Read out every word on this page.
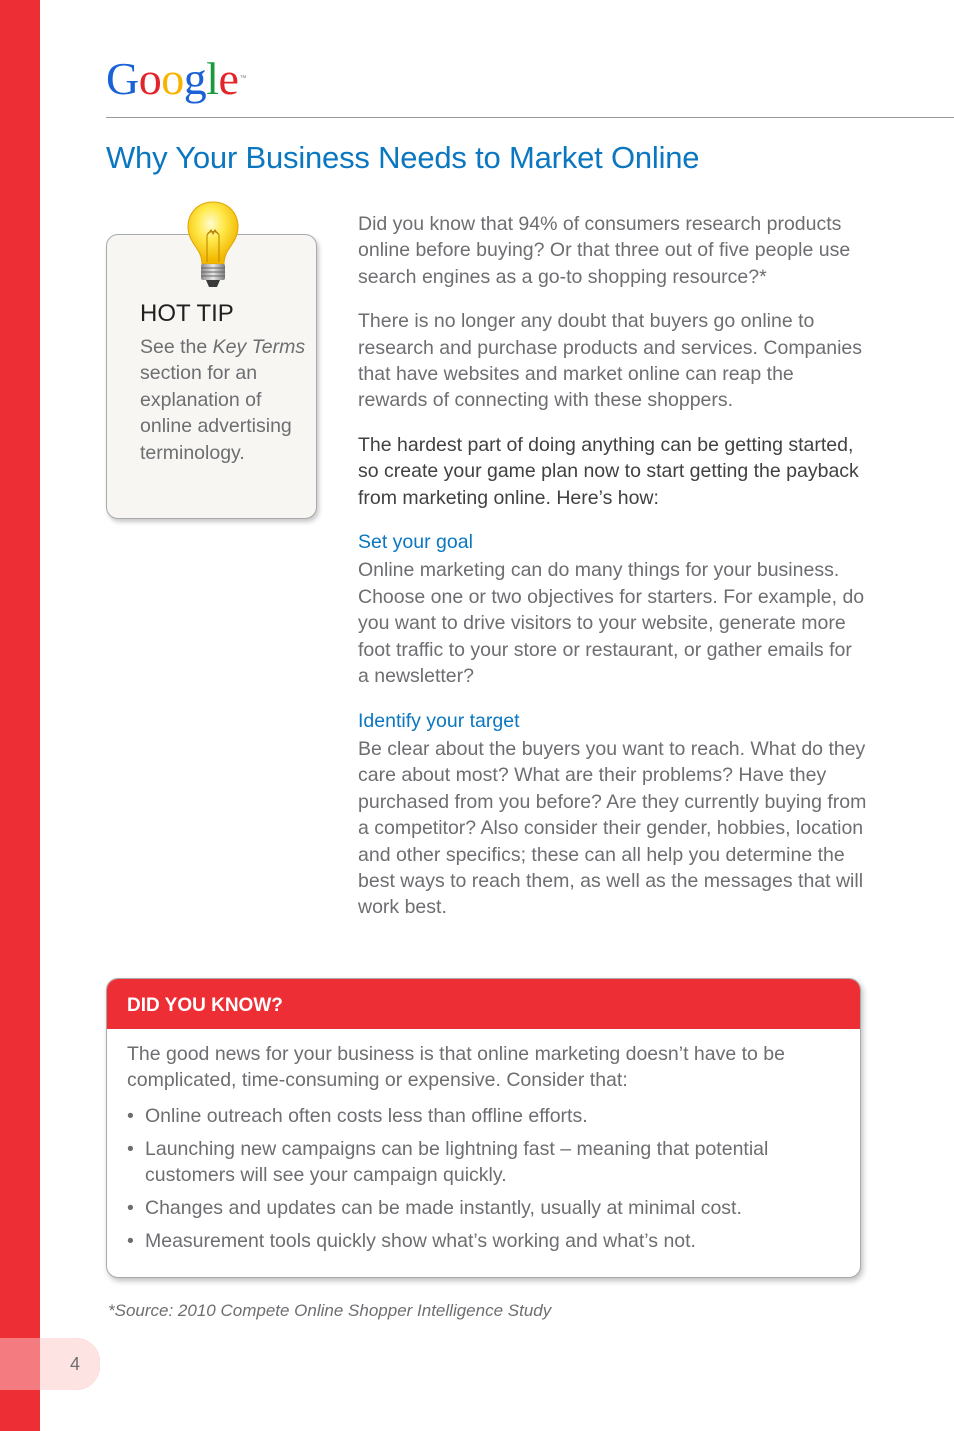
Google™
Why Your Business Needs to Market Online
HOT TIP

See the Key Terms section for an explanation of online advertising terminology.

Did you know that 94% of consumers research products online before buying? Or that three out of five people use search engines as a go-to shopping resource?*

There is no longer any doubt that buyers go online to research and purchase products and services. Companies that have websites and market online can reap the rewards of connecting with these shoppers.

The hardest part of doing anything can be getting started, so create your game plan now to start getting the payback from marketing online. Here’s how:

Set your goal

Online marketing can do many things for your business. Choose one or two objectives for starters. For example, do you want to drive visitors to your website, generate more foot traffic to your store or restaurant, or gather emails for a newsletter?

Identify your target

Be clear about the buyers you want to reach. What do they care about most? What are their problems? Have they purchased from you before? Are they currently buying from a competitor? Also consider their gender, hobbies, location and other specifics; these can all help you determine the best ways to reach them, as well as the messages that will work best.

DID YOU KNOW?

The good news for your business is that online marketing doesn’t have to be complicated, time-consuming or expensive. Consider that:

• Online outreach often costs less than offline efforts.
• Launching new campaigns can be lightning fast – meaning that potential customers will see your campaign quickly.
• Changes and updates can be made instantly, usually at minimal cost.
• Measurement tools quickly show what’s working and what’s not.

*Source: 2010 Compete Online Shopper Intelligence Study

4
